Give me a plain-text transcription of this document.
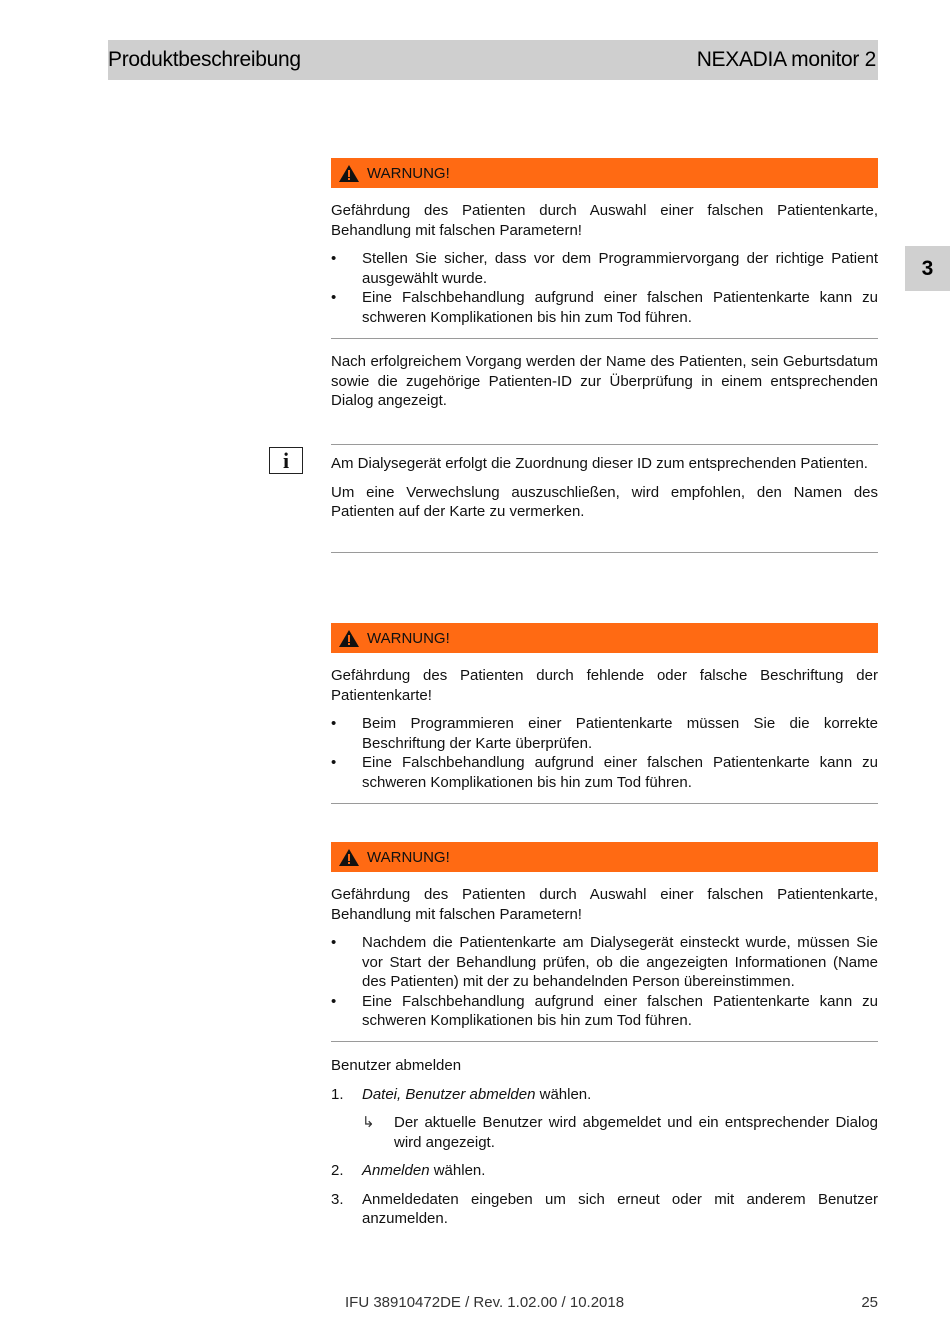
Produktbeschreibung	NEXADIA monitor 2
3
WARNUNG!

Gefährdung des Patienten durch Auswahl einer falschen Patientenkarte, Behandlung mit falschen Parametern!

• Stellen Sie sicher, dass vor dem Programmiervorgang der richtige Patient ausgewählt wurde.
• Eine Falschbehandlung aufgrund einer falschen Patientenkarte kann zu schweren Komplikationen bis hin zum Tod führen.

Nach erfolgreichem Vorgang werden der Name des Patienten, sein Geburtsdatum sowie die zugehörige Patienten-ID zur Überprüfung in einem entsprechenden Dialog angezeigt.

i	Am Dialysegerät erfolgt die Zuordnung dieser ID zum entsprechenden Patienten.

Um eine Verwechslung auszuschließen, wird empfohlen, den Namen des Patienten auf der Karte zu vermerken.

WARNUNG!

Gefährdung des Patienten durch fehlende oder falsche Beschriftung der Patientenkarte!

• Beim Programmieren einer Patientenkarte müssen Sie die korrekte Beschriftung der Karte überprüfen.
• Eine Falschbehandlung aufgrund einer falschen Patientenkarte kann zu schweren Komplikationen bis hin zum Tod führen.
WARNUNG!

Gefährdung des Patienten durch Auswahl einer falschen Patientenkarte, Behandlung mit falschen Parametern!

• Nachdem die Patientenkarte am Dialysegerät einsteckt wurde, müssen Sie vor Start der Behandlung prüfen, ob die angezeigten Informationen (Name des Patienten) mit der zu behandelnden Person übereinstimmen.
• Eine Falschbehandlung aufgrund einer falschen Patientenkarte kann zu schweren Komplikationen bis hin zum Tod führen.
Benutzer abmelden
1. Datei, Benutzer abmelden wählen.
↳ Der aktuelle Benutzer wird abgemeldet und ein entsprechender Dialog wird angezeigt.
2. Anmelden wählen.
3. Anmeldedaten eingeben um sich erneut oder mit anderem Benutzer anzumelden.
IFU 38910472DE / Rev. 1.02.00 / 10.2018	25
